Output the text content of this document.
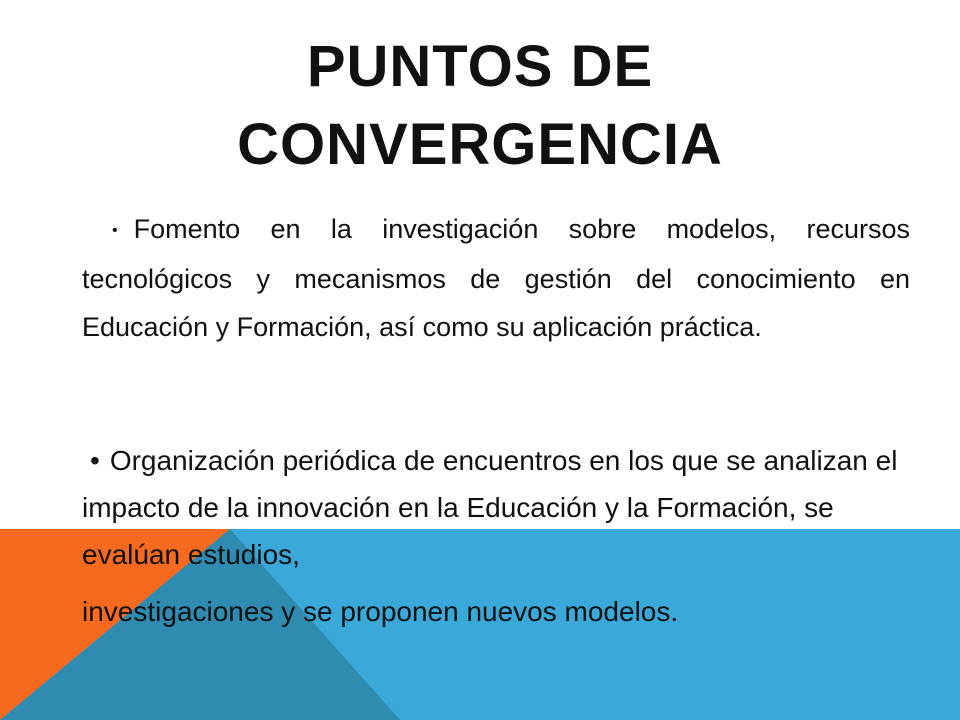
PUNTOS DE
CONVERGENCIA

• Fomento en la investigación sobre modelos, recursos tecnológicos y mecanismos de gestión del conocimiento en Educación y Formación, así como su aplicación práctica.

• Organización periódica de encuentros en los que se analizan el impacto de la innovación en la Educación y la Formación, se evalúan estudios,

investigaciones y se proponen nuevos modelos.
